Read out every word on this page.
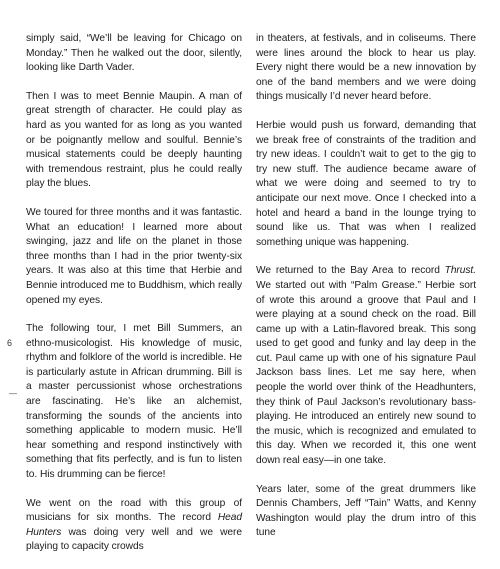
simply said, “We’ll be leaving for Chicago on Monday.” Then he walked out the door, silently, looking like Darth Vader.

Then I was to meet Bennie Maupin. A man of great strength of character. He could play as hard as you wanted for as long as you wanted or be poignantly mellow and soulful. Bennie’s musical statements could be deeply haunting with tremendous restraint, plus he could really play the blues.

We toured for three months and it was fantastic. What an education! I learned more about swinging, jazz and life on the planet in those three months than I had in the prior twenty-six years. It was also at this time that Herbie and Bennie introduced me to Buddhism, which really opened my eyes.

The following tour, I met Bill Summers, an ethno-musicologist. His knowledge of music, rhythm and folklore of the world is incredible. He is particularly astute in African drumming. Bill is a master percussionist whose orchestrations are fascinating. He’s like an alchemist, transforming the sounds of the ancients into something applicable to modern music. He’ll hear something and respond instinctively with something that fits perfectly, and is fun to listen to. His drumming can be fierce!

We went on the road with this group of musicians for six months. The record Head Hunters was doing very well and we were playing to capacity crowds

in theaters, at festivals, and in coliseums. There were lines around the block to hear us play. Every night there would be a new innovation by one of the band members and we were doing things musically I’d never heard before.

Herbie would push us forward, demanding that we break free of constraints of the tradition and try new ideas. I couldn’t wait to get to the gig to try new stuff. The audience became aware of what we were doing and seemed to try to anticipate our next move. Once I checked into a hotel and heard a band in the lounge trying to sound like us. That was when I realized something unique was happening.

We returned to the Bay Area to record Thrust. We started out with “Palm Grease.” Herbie sort of wrote this around a groove that Paul and I were playing at a sound check on the road. Bill came up with a Latin-flavored break. This song used to get good and funky and lay deep in the cut. Paul came up with one of his signature Paul Jackson bass lines. Let me say here, when people the world over think of the Headhunters, they think of Paul Jackson’s revolutionary bass-playing. He introduced an entirely new sound to the music, which is recognized and emulated to this day. When we recorded it, this one went down real easy—in one take.

Years later, some of the great drummers like Dennis Chambers, Jeff “Tain” Watts, and Kenny Washington would play the drum intro of this tune

6
—
